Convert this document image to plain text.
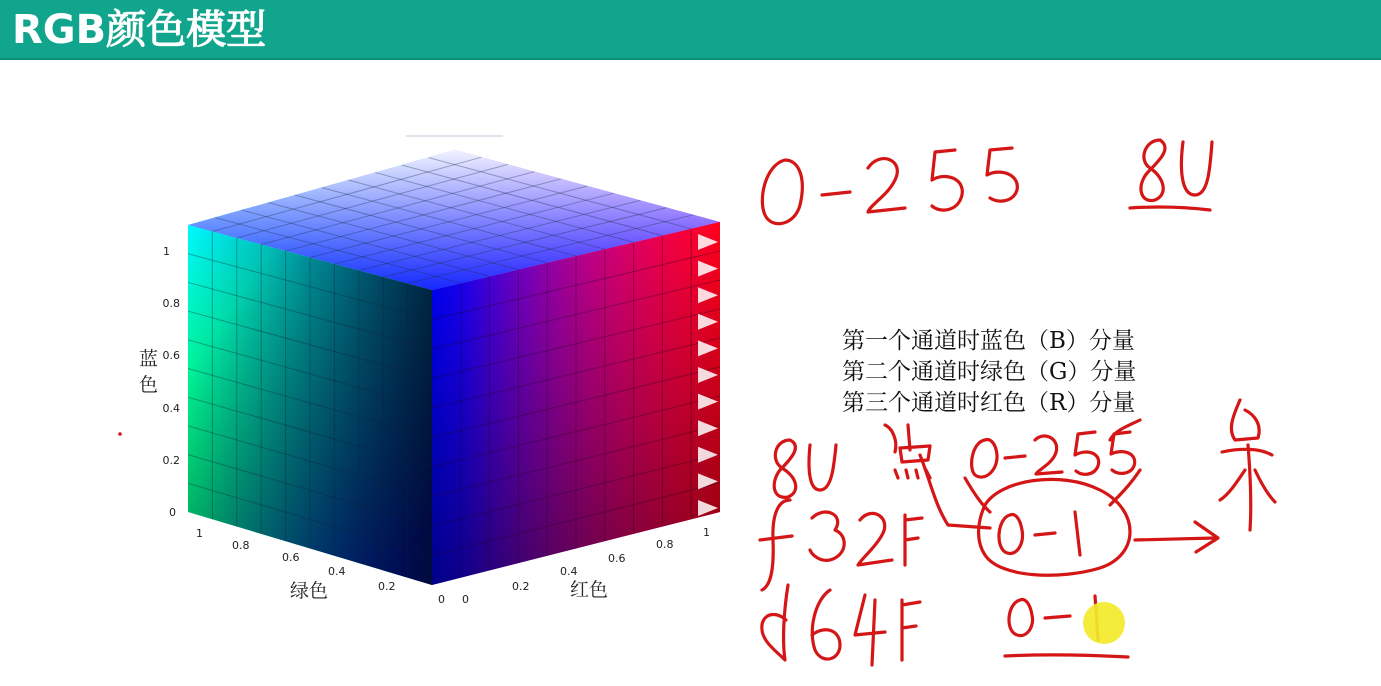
RGB颜色模型
1
0.8
0.6
0.4
0.2
0
蓝
色
1
0.8
0.6
0.4
0.2
0
绿色	0
0.2
0.4
0.6
0.8
1
红色
第一个通道时蓝色（B）分量
第二个通道时绿色（G）分量
第三个通道时红色（R）分量
